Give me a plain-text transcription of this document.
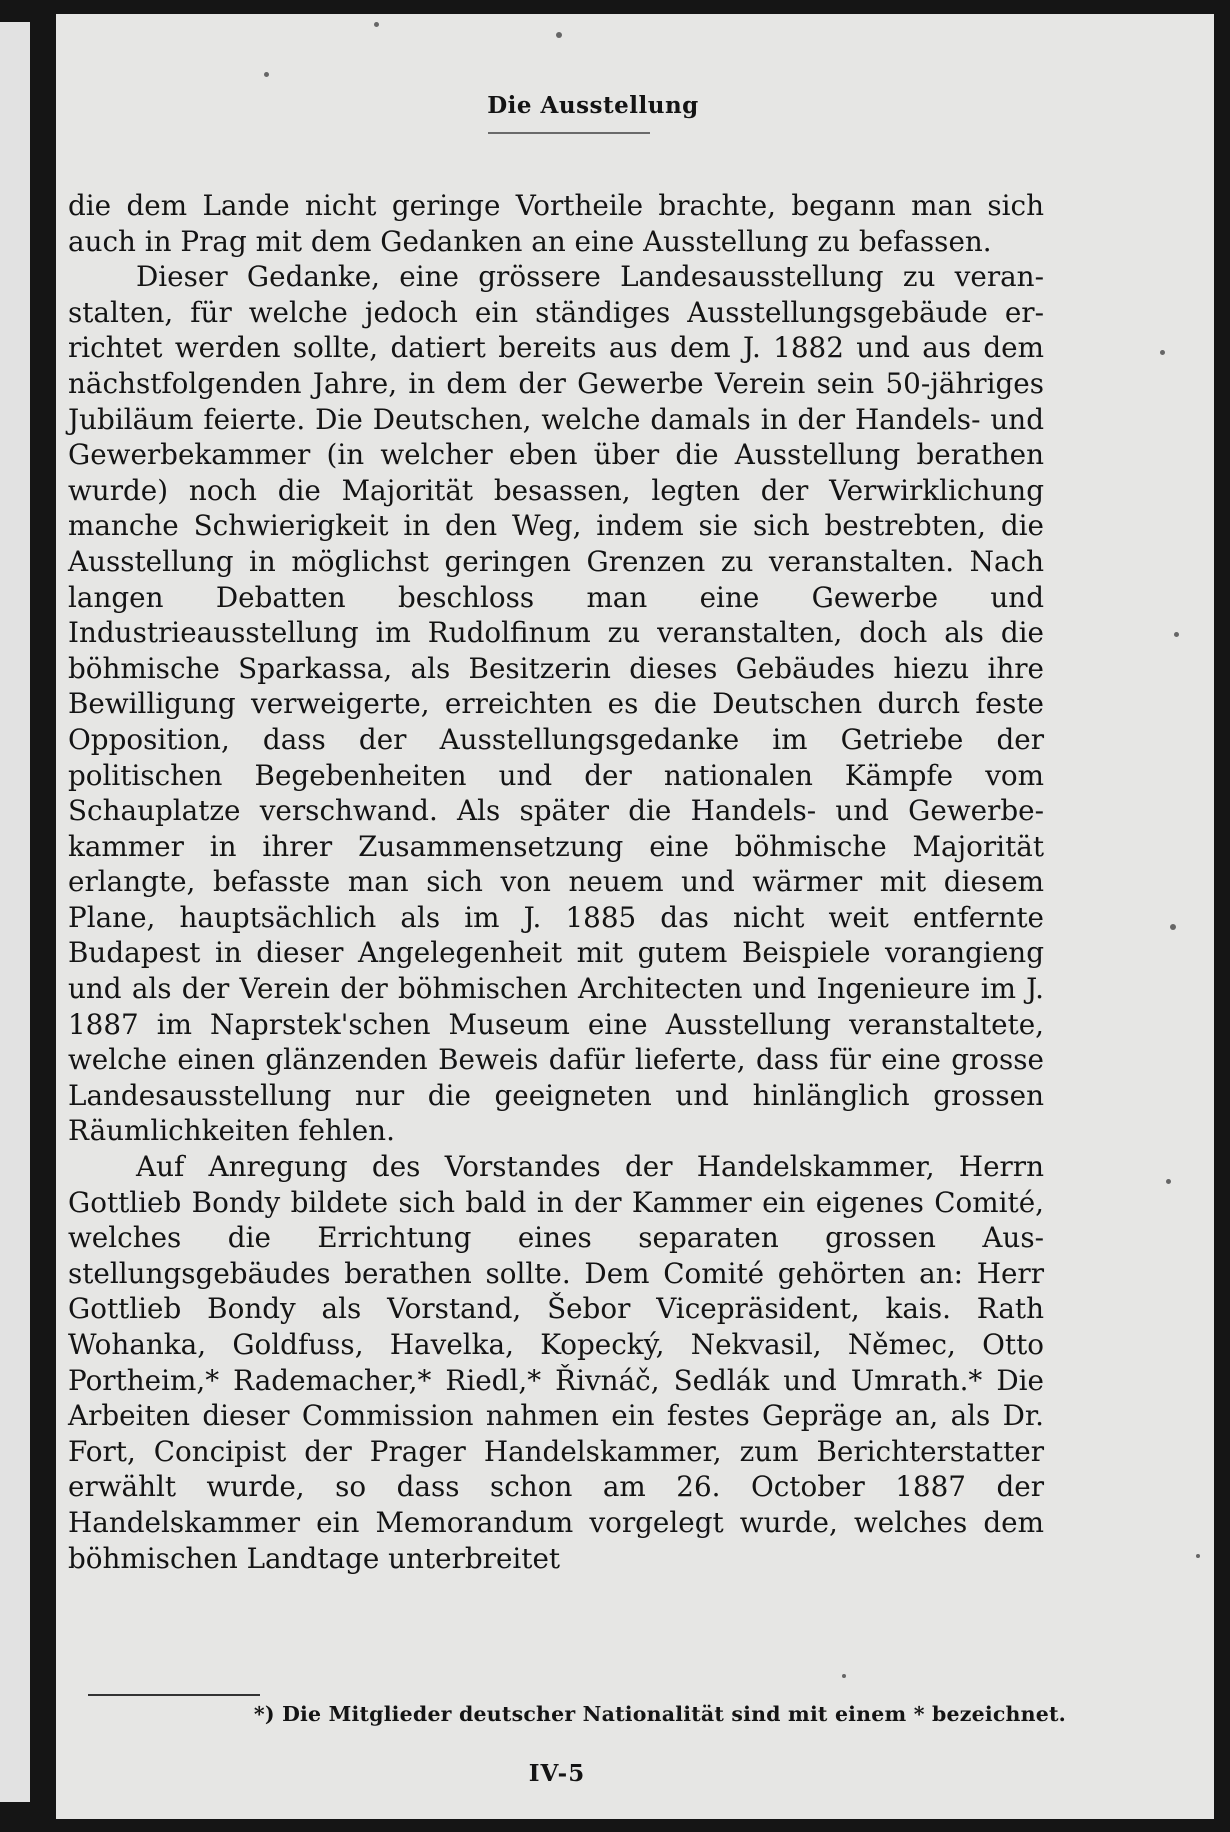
Die Ausstellung

die dem Lande nicht geringe Vortheile brachte, begann man sich auch in Prag mit dem Gedanken an eine Ausstellung zu befassen.

Dieser Gedanke, eine grössere Landesausstellung zu veranstalten, für welche jedoch ein ständiges Ausstellungsgebäude errichtet werden sollte, datiert bereits aus dem J. 1882 und aus dem nächstfolgenden Jahre, in dem der Gewerbe Verein sein 50-jähriges Jubiläum feierte. Die Deutschen, welche damals in der Handels- und Gewerbekammer (in welcher eben über die Ausstellung berathen wurde) noch die Majorität besassen, legten der Verwirklichung manche Schwierigkeit in den Weg, indem sie sich bestrebten, die Ausstellung in möglichst geringen Grenzen zu veranstalten. Nach langen Debatten beschloss man eine Gewerbe und Industrieausstellung im Rudolfinum zu veranstalten, doch als die böhmische Sparkassa, als Besitzerin dieses Gebäudes hiezu ihre Bewilligung verweigerte, erreichten es die Deutschen durch feste Opposition, dass der Ausstellungsgedanke im Getriebe der politischen Begebenheiten und der nationalen Kämpfe vom Schauplatze verschwand. Als später die Handels- und Gewerbekammer in ihrer Zusammensetzung eine böhmische Majorität erlangte, befasste man sich von neuem und wärmer mit diesem Plane, hauptsächlich als im J. 1885 das nicht weit entfernte Budapest in dieser Angelegenheit mit gutem Beispiele vorangieng und als der Verein der böhmischen Architecten und Ingenieure im J. 1887 im Naprstek'schen Museum eine Ausstellung veranstaltete, welche einen glänzenden Beweis dafür lieferte, dass für eine grosse Landesausstellung nur die geeigneten und hinlänglich grossen Räumlichkeiten fehlen.

Auf Anregung des Vorstandes der Handelskammer, Herrn Gottlieb Bondy bildete sich bald in der Kammer ein eigenes Comité, welches die Errichtung eines separaten grossen Ausstellungsgebäudes berathen sollte. Dem Comité gehörten an: Herr Gottlieb Bondy als Vorstand, Šebor Vicepräsident, kais. Rath Wohanka, Goldfuss, Havelka, Kopecký, Nekvasil, Němec, Otto Portheim,* Rademacher,* Riedl,* Řivnáč, Sedlák und Umrath.* Die Arbeiten dieser Commission nahmen ein festes Gepräge an, als Dr. Fort, Concipist der Prager Handelskammer, zum Berichterstatter erwählt wurde, so dass schon am 26. October 1887 der Handelskammer ein Memorandum vorgelegt wurde, welches dem böhmischen Landtage unterbreitet

*) Die Mitglieder deutscher Nationalität sind mit einem * bezeichnet.
IV-5
